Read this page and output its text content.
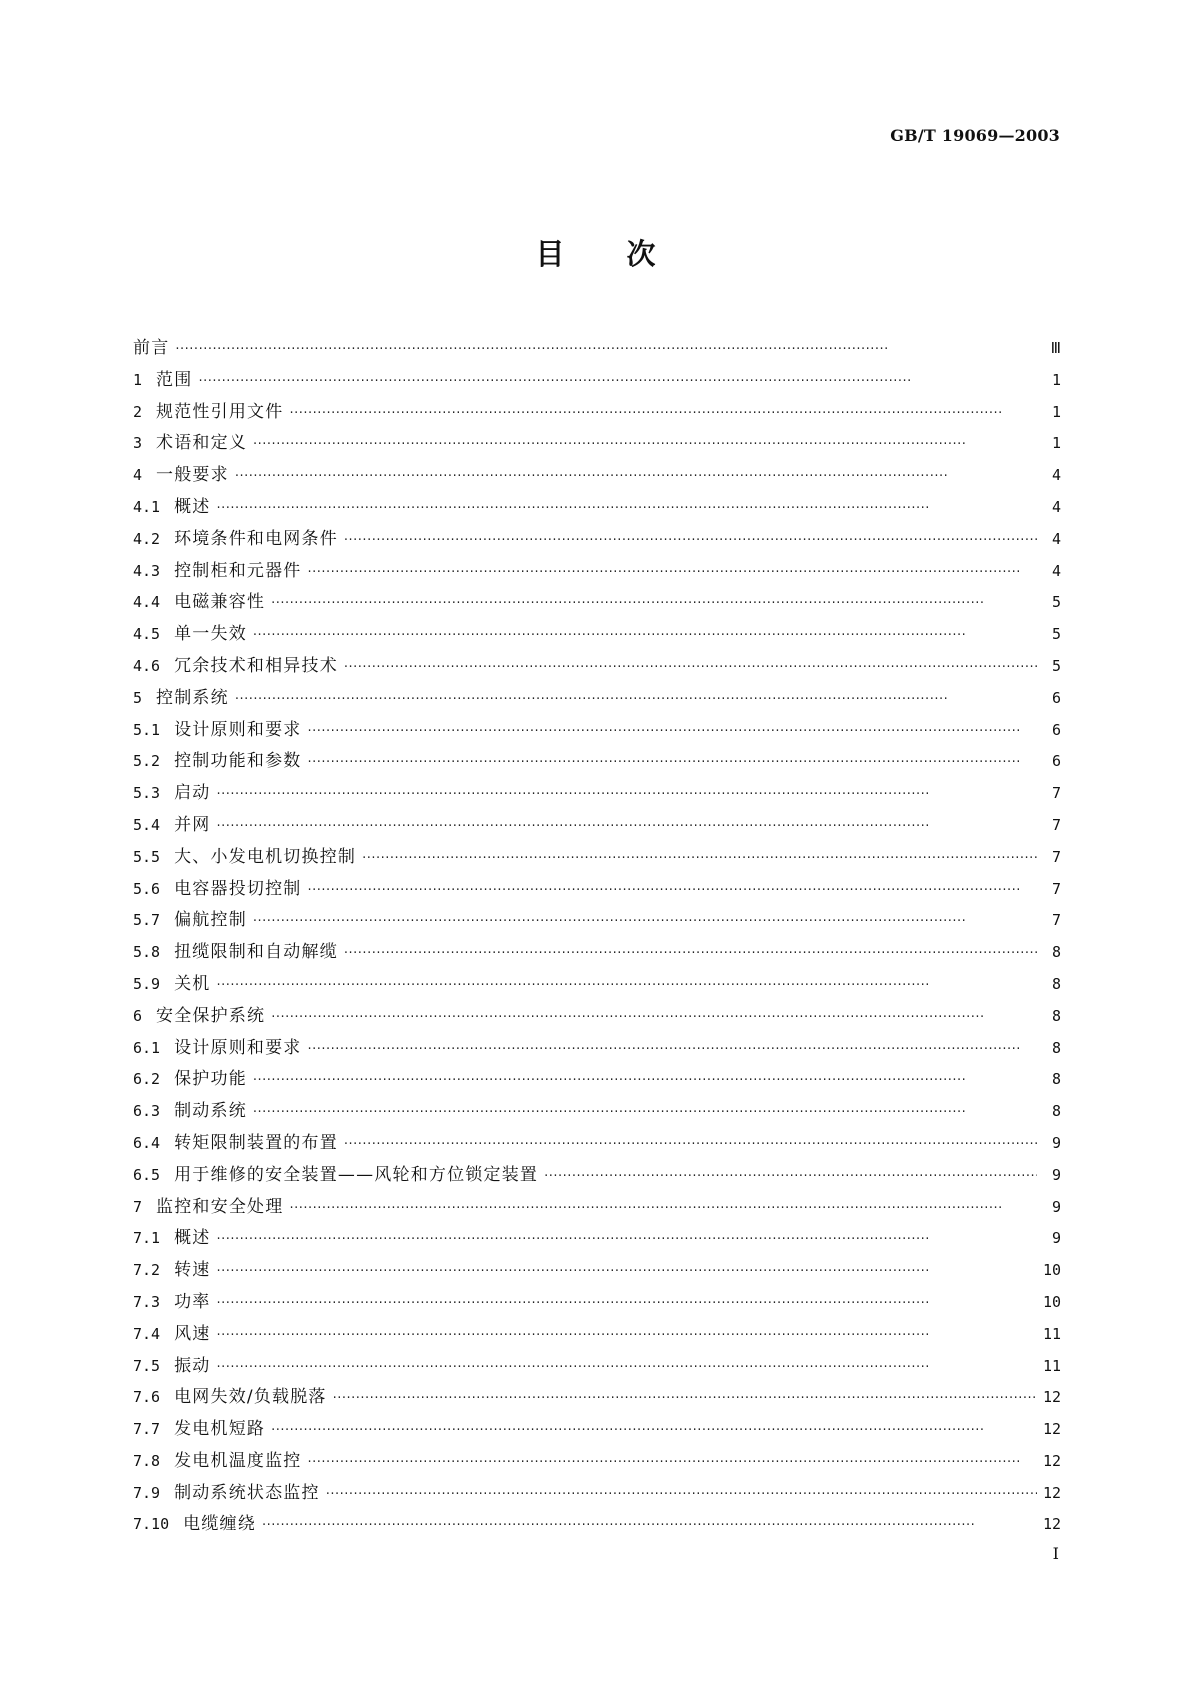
GB/T 19069—2003
目 次
前言 ·····	Ⅲ
1 范围 ·····	1
2 规范性引用文件 ·····	1
3 术语和定义 ·····	1
4 一般要求 ·····	4
4.1 概述 ·····	4
4.2 环境条件和电网条件 ·····	4
4.3 控制柜和元器件 ·····	4
4.4 电磁兼容性 ·····	5
4.5 单一失效 ·····	5
4.6 冗余技术和相异技术 ·····	5
5 控制系统 ·····	6
5.1 设计原则和要求 ·····	6
5.2 控制功能和参数 ·····	6
5.3 启动 ·····	7
5.4 并网 ·····	7
5.5 大、小发电机切换控制 ·····	7
5.6 电容器投切控制 ·····	7
5.7 偏航控制 ·····	7
5.8 扭缆限制和自动解缆 ·····	8
5.9 关机 ·····	8
6 安全保护系统 ·····	8
6.1 设计原则和要求 ·····	8
6.2 保护功能 ·····	8
6.3 制动系统 ·····	8
6.4 转矩限制装置的布置 ·····	9
6.5 用于维修的安全装置——风轮和方位锁定装置 ·····	9
7 监控和安全处理 ·····	9
7.1 概述 ·····	9
7.2 转速 ·····	10
7.3 功率 ·····	10
7.4 风速 ·····	11
7.5 振动 ·····	11
7.6 电网失效/负载脱落 ·····	12
7.7 发电机短路 ·····	12
7.8 发电机温度监控 ·····	12
7.9 制动系统状态监控 ·····	12
7.10 电缆缠绕 ·····	12
I
